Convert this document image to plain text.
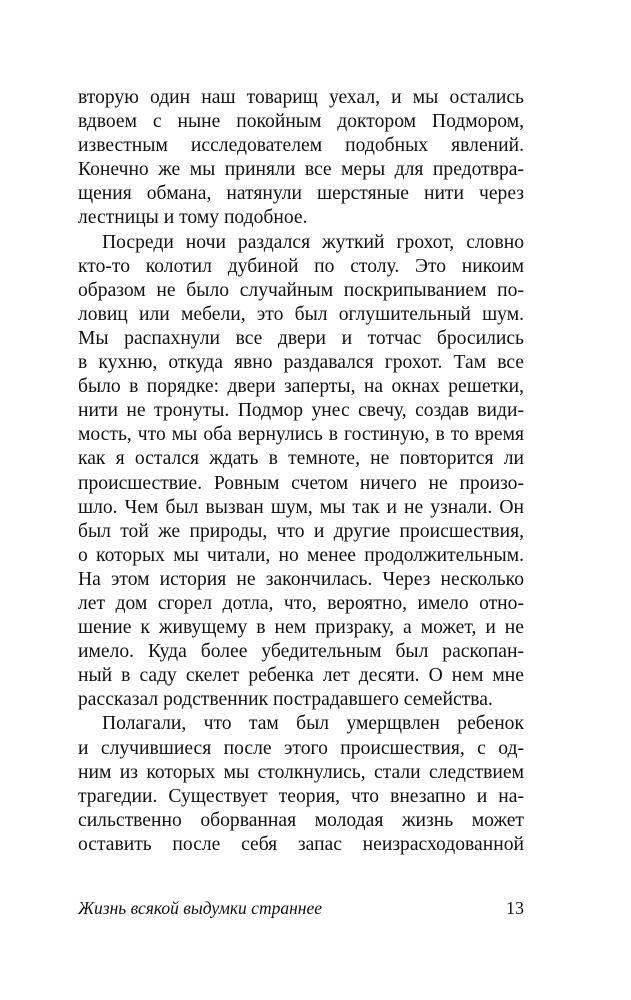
вторую один наш товарищ уехал, и мы остались
вдвоем с ныне покойным доктором Подмором,
известным исследователем подобных явлений.
Конечно же мы приняли все меры для предотвра-
щения обмана, натянули шерстяные нити через
лестницы и тому подобное.
Посреди ночи раздался жуткий грохот, словно
кто-то колотил дубиной по столу. Это никоим
образом не было случайным поскрипыванием по-
ловиц или мебели, это был оглушительный шум.
Мы распахнули все двери и тотчас бросились
в кухню, откуда явно раздавался грохот. Там все
было в порядке: двери заперты, на окнах решетки,
нити не тронуты. Подмор унес свечу, создав види-
мость, что мы оба вернулись в гостиную, в то время
как я остался ждать в темноте, не повторится ли
происшествие. Ровным счетом ничего не произо-
шло. Чем был вызван шум, мы так и не узнали. Он
был той же природы, что и другие происшествия,
о которых мы читали, но менее продолжительным.
На этом история не закончилась. Через несколько
лет дом сгорел дотла, что, вероятно, имело отно-
шение к живущему в нем призраку, а может, и не
имело. Куда более убедительным был раскопан-
ный в саду скелет ребенка лет десяти. О нем мне
рассказал родственник пострадавшего семейства.
Полагали, что там был умерщвлен ребенок
и случившиеся после этого происшествия, с од-
ним из которых мы столкнулись, стали следствием
трагедии. Существует теория, что внезапно и на-
сильственно оборванная молодая жизнь может
оставить после себя запас неизрасходованной
Жизнь всякой выдумки страннее	13
